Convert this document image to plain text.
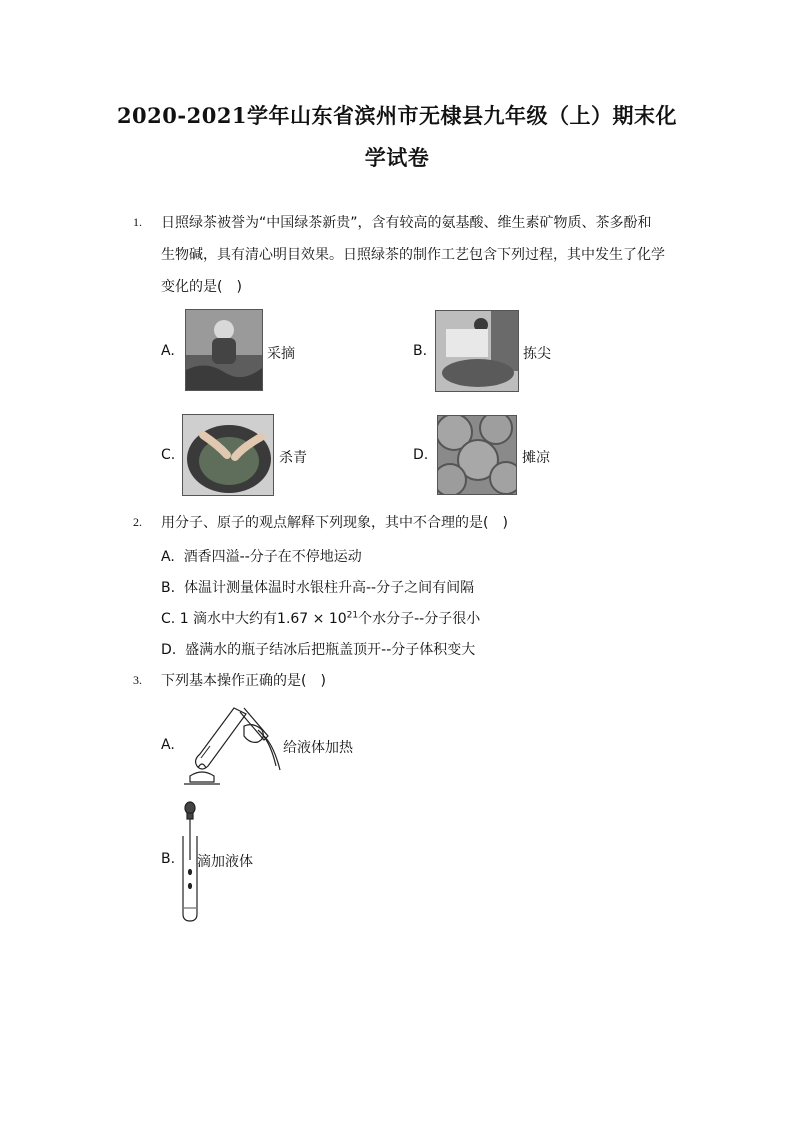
2020-2021学年山东省滨州市无棣县九年级（上）期末化
学试卷
1. 日照绿茶被誉为“中国绿茶新贵”，含有较高的氨基酸、维生素矿物质、茶多酚和
生物碱，具有清心明目效果。日照绿茶的制作工艺包含下列过程，其中发生了化学
变化的是(　)
A.	采摘	B.	拣尖
C.	杀青	D.	摊凉
2. 用分子、原子的观点解释下列现象，其中不合理的是(　)
A. 酒香四溢--分子在不停地运动
B. 体温计测量体温时水银柱升高--分子之间有间隔
C. 1 滴水中大约有$1.67 \times 10^{21}$个水分子--分子很小
D. 盛满水的瓶子结冰后把瓶盖顶开--分子体积变大
3. 下列基本操作正确的是(　)
A.	给液体加热
B. 滴加液体
